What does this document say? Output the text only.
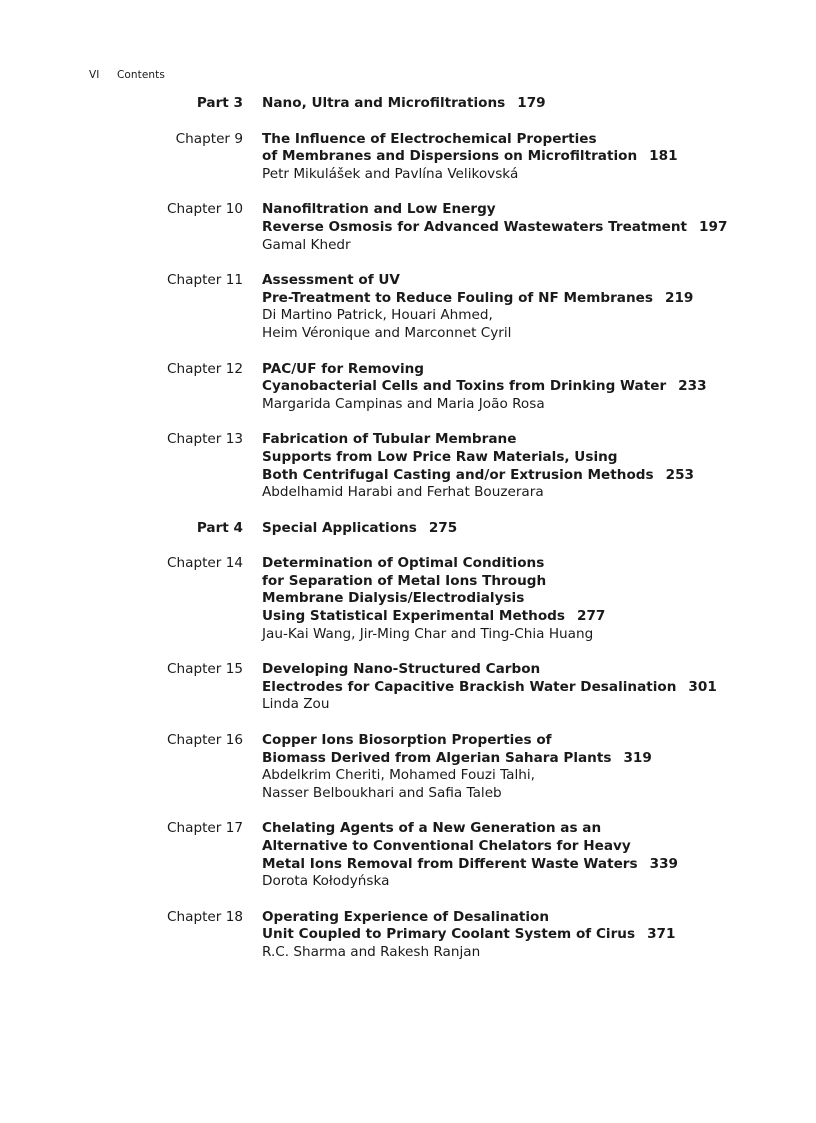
VI Contents
Part 3 Nano, Ultra and Microfiltrations 179
Chapter 9 The Influence of Electrochemical Properties
of Membranes and Dispersions on Microfiltration 181
Petr Mikulášek and Pavlína Velikovská
Chapter 10 Nanofiltration and Low Energy
Reverse Osmosis for Advanced Wastewaters Treatment 197
Gamal Khedr
Chapter 11 Assessment of UV
Pre-Treatment to Reduce Fouling of NF Membranes 219
Di Martino Patrick, Houari Ahmed,
Heim Véronique and Marconnet Cyril
Chapter 12 PAC/UF for Removing
Cyanobacterial Cells and Toxins from Drinking Water 233
Margarida Campinas and Maria João Rosa
Chapter 13 Fabrication of Tubular Membrane
Supports from Low Price Raw Materials, Using
Both Centrifugal Casting and/or Extrusion Methods 253
Abdelhamid Harabi and Ferhat Bouzerara
Part 4 Special Applications 275
Chapter 14 Determination of Optimal Conditions
for Separation of Metal Ions Through
Membrane Dialysis/Electrodialysis
Using Statistical Experimental Methods 277
Jau-Kai Wang, Jir-Ming Char and Ting-Chia Huang
Chapter 15 Developing Nano-Structured Carbon
Electrodes for Capacitive Brackish Water Desalination 301
Linda Zou
Chapter 16 Copper Ions Biosorption Properties of
Biomass Derived from Algerian Sahara Plants 319
Abdelkrim Cheriti, Mohamed Fouzi Talhi,
Nasser Belboukhari and Safia Taleb
Chapter 17 Chelating Agents of a New Generation as an
Alternative to Conventional Chelators for Heavy
Metal Ions Removal from Different Waste Waters 339
Dorota Kołodyńska
Chapter 18 Operating Experience of Desalination
Unit Coupled to Primary Coolant System of Cirus 371
R.C. Sharma and Rakesh Ranjan
